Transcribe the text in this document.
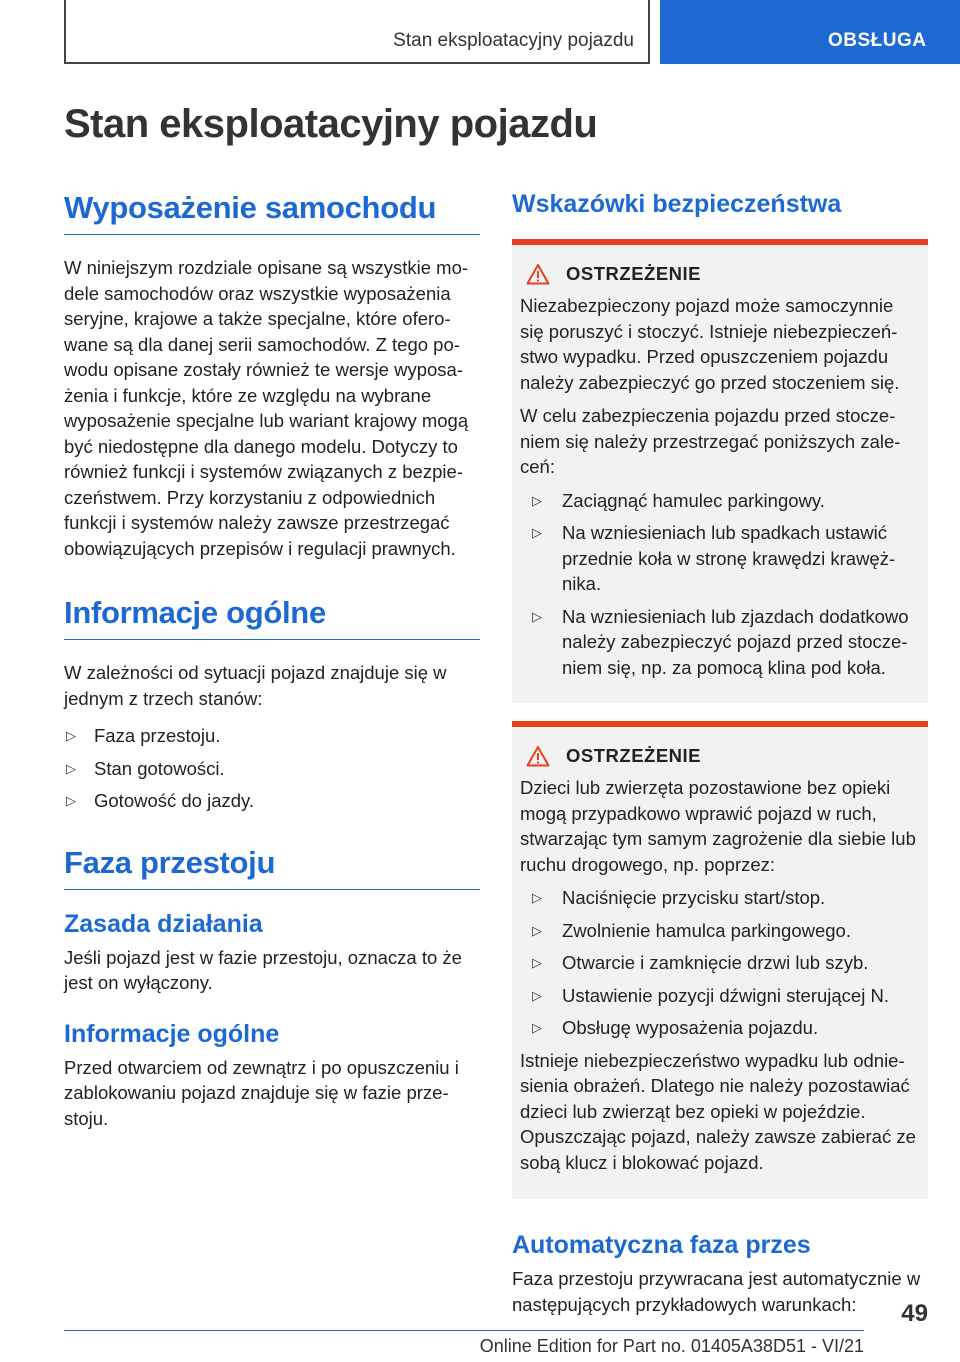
Stan eksploatacyjny pojazdu	OBSŁUGA
Stan eksploatacyjny pojazdu
Wyposażenie samochodu

W niniejszym rozdziale opisane są wszystkie modele samochodów oraz wszystkie wyposażenia seryjne, krajowe a także specjalne, które oferowane są dla danej serii samochodów. Z tego powodu opisane zostały również te wersje wyposażenia i funkcje, które ze względu na wybrane wyposażenie specjalne lub wariant krajowy mogą być niedostępne dla danego modelu. Dotyczy to również funkcji i systemów związanych z bezpieczeństwem. Przy korzystaniu z odpowiednich funkcji i systemów należy zawsze przestrzegać obowiązujących przepisów i regulacji prawnych.

Informacje ogólne

W zależności od sytuacji pojazd znajduje się w jednym z trzech stanów:

▷ Faza przestoju.
▷ Stan gotowości.
▷ Gotowość do jazdy.
Faza przestoju
Zasada działania

Jeśli pojazd jest w fazie przestoju, oznacza to że jest on wyłączony.

Informacje ogólne

Przed otwarciem od zewnątrz i po opuszczeniu i zablokowaniu pojazd znajduje się w fazie przestoju.

Wskazówki bezpieczeństwa
OSTRZEŻENIE

Niezabezpieczony pojazd może samoczynnie się poruszyć i stoczyć. Istnieje niebezpieczeństwo wypadku. Przed opuszczeniem pojazdu należy zabezpieczyć go przed stoczeniem się.

W celu zabezpieczenia pojazdu przed stoczeniem się należy przestrzegać poniższych zaleceń:

▷ Zaciągnąć hamulec parkingowy.
▷ Na wzniesieniach lub spadkach ustawić przednie koła w stronę krawędzi krawężnika.
▷ Na wzniesieniach lub zjazdach dodatkowo należy zabezpieczyć pojazd przed stoczeniem się, np. za pomocą klina pod koła.
OSTRZEŻENIE

Dzieci lub zwierzęta pozostawione bez opieki mogą przypadkowo wprawić pojazd w ruch, stwarzając tym samym zagrożenie dla siebie lub ruchu drogowego, np. poprzez:

▷ Naciśnięcie przycisku start/stop.
▷ Zwolnienie hamulca parkingowego.
▷ Otwarcie i zamknięcie drzwi lub szyb.
▷ Ustawienie pozycji dźwigni sterującej N.
▷ Obsługę wyposażenia pojazdu.

Istnieje niebezpieczeństwo wypadku lub odniesienia obrażeń. Dlatego nie należy pozostawiać dzieci lub zwierząt bez opieki w pojeździe. Opuszczając pojazd, należy zawsze zabierać ze sobą klucz i blokować pojazd.

Automatyczna faza przes

Faza przestoju przywracana jest automatycznie w następujących przykładowych warunkach:	49
Online Edition for Part no. 01405A38D51 - VI/21
